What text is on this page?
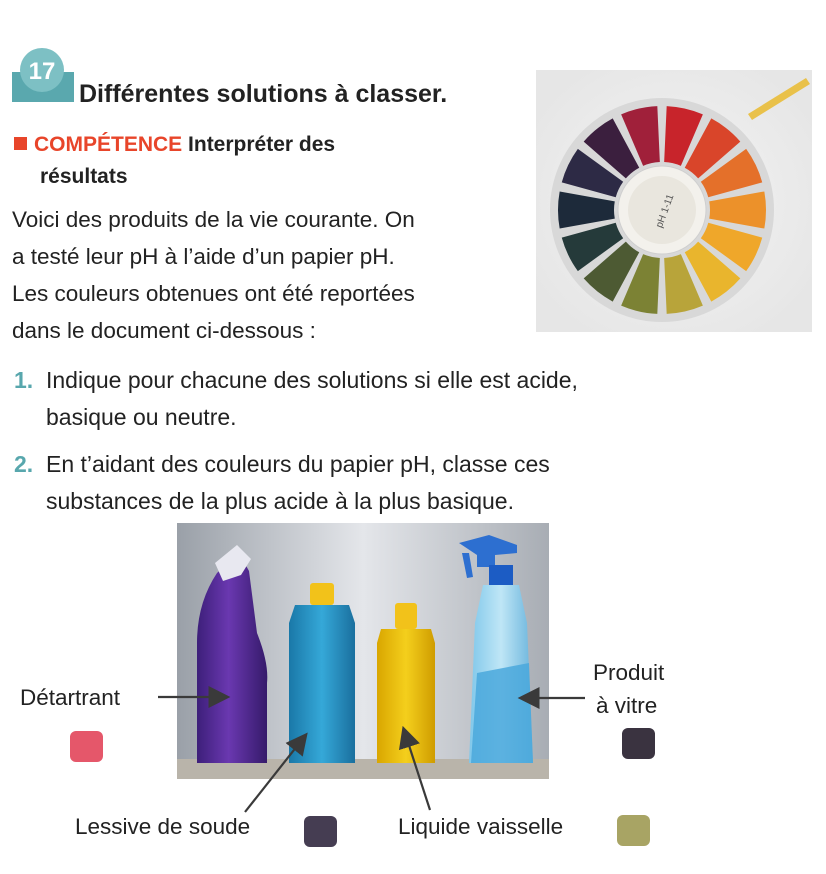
17
Différentes solutions à classer.
COMPÉTENCE Interpréter des
résultats
Voici des produits de la vie courante. On
a testé leur pH à l’aide d’un papier pH.
Les couleurs obtenues ont été reportées
dans le document ci-dessous :
1. Indique pour chacune des solutions si elle est acide,
basique ou neutre.
2. En t’aidant des couleurs du papier pH, classe ces
substances de la plus acide à la plus basique.
pH 1-11
Détartrant
Produit
à vitre
Lessive de soude	Liquide vaisselle
